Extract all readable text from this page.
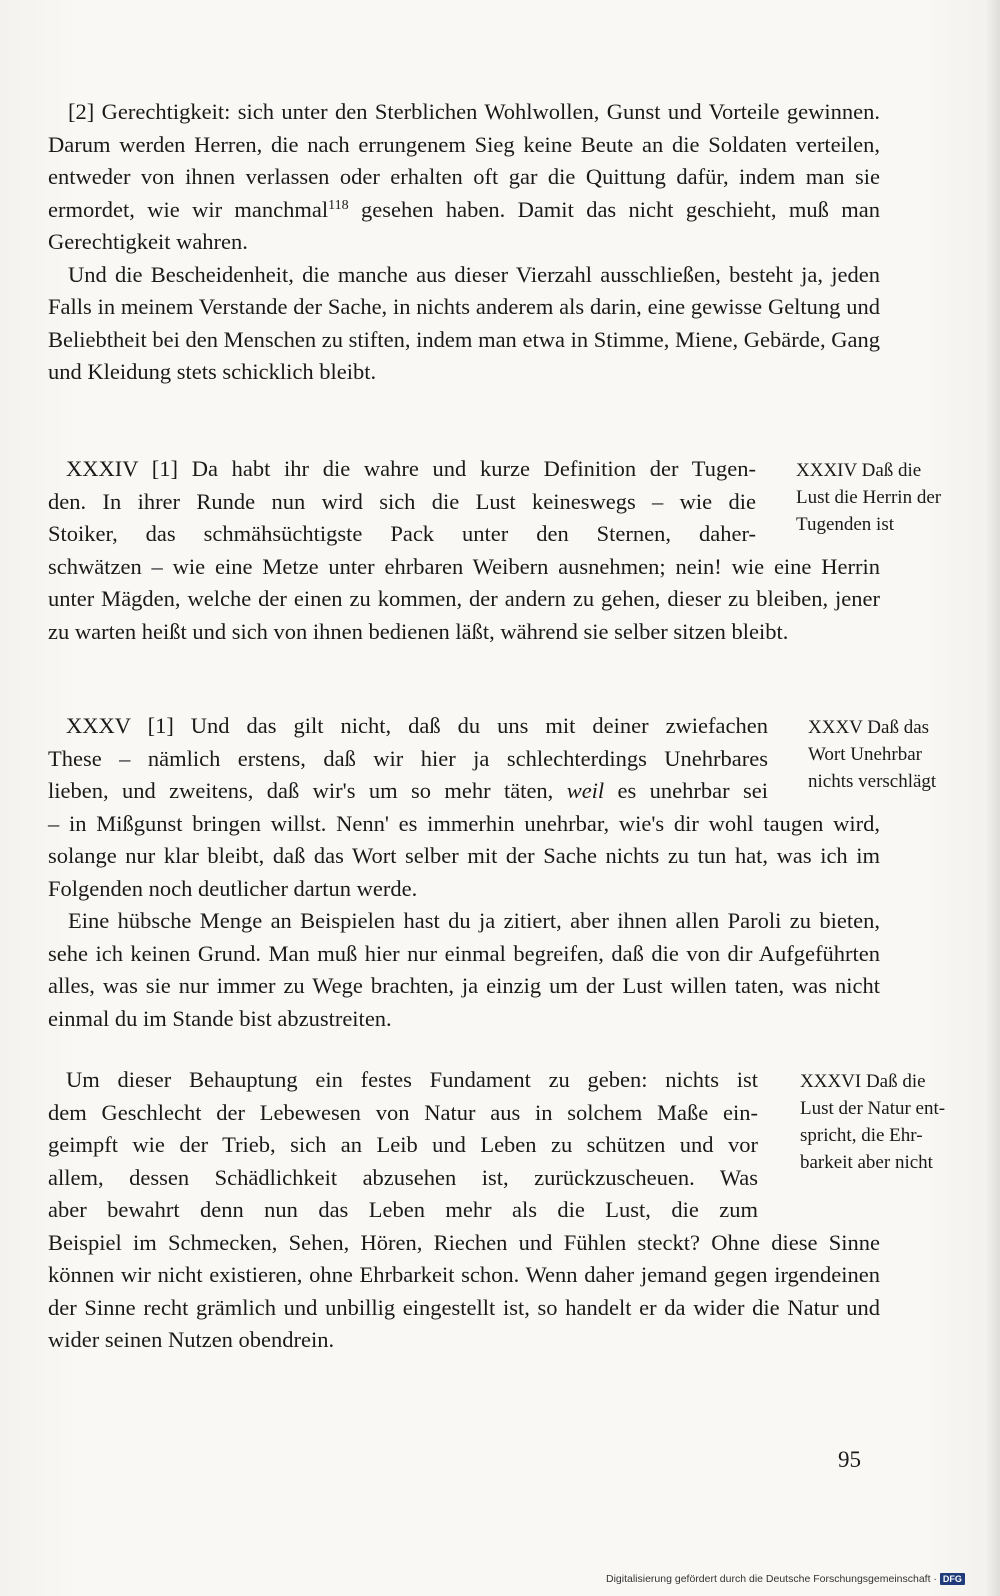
[2] Gerechtigkeit: sich unter den Sterblichen Wohlwollen, Gunst und Vorteile gewinnen. Darum werden Herren, die nach errungenem Sieg keine Beute an die Soldaten verteilen, entweder von ihnen verlassen oder erhalten oft gar die Quittung dafür, indem man sie ermordet, wie wir manchmal$^{118}$ gesehen haben. Damit das nicht geschieht, muß man Gerechtigkeit wahren.

Und die Bescheidenheit, die manche aus dieser Vierzahl ausschließen, besteht ja, jeden Falls in meinem Verstande der Sache, in nichts anderem als darin, eine gewisse Geltung und Beliebtheit bei den Menschen zu stiften, indem man etwa in Stimme, Miene, Gebärde, Gang und Kleidung stets schicklich bleibt.

XXXIV [1] Da habt ihr die wahre und kurze Definition der Tugen-
den. In ihrer Runde nun wird sich die Lust keineswegs – wie die
Stoiker, das schmähsüchtigste Pack unter den Sternen, daher-

schwätzen – wie eine Metze unter ehrbaren Weibern ausnehmen; nein! wie eine Herrin unter Mägden, welche der einen zu kommen, der andern zu gehen, dieser zu bleiben, jener zu warten heißt und sich von ihnen bedienen läßt, während sie selber sitzen bleibt.

XXXV [1] Und das gilt nicht, daß du uns mit deiner zwiefachen
These – nämlich erstens, daß wir hier ja schlechterdings Unehrbares
lieben, und zweitens, daß wir's um so mehr täten, weil es unehrbar sei

– in Mißgunst bringen willst. Nenn' es immerhin unehrbar, wie's dir wohl taugen wird, solange nur klar bleibt, daß das Wort selber mit der Sache nichts zu tun hat, was ich im Folgenden noch deutlicher dartun werde.

Eine hübsche Menge an Beispielen hast du ja zitiert, aber ihnen allen Paroli zu bieten, sehe ich keinen Grund. Man muß hier nur einmal begreifen, daß die von dir Aufgeführten alles, was sie nur immer zu Wege brachten, ja einzig um der Lust willen taten, was nicht einmal du im Stande bist abzustreiten.

Um dieser Behauptung ein festes Fundament zu geben: nichts ist
dem Geschlecht der Lebewesen von Natur aus in solchem Maße ein-
geimpft wie der Trieb, sich an Leib und Leben zu schützen und vor
allem, dessen Schädlichkeit abzusehen ist, zurückzuscheuen. Was
aber bewahrt denn nun das Leben mehr als die Lust, die zum

Beispiel im Schmecken, Sehen, Hören, Riechen und Fühlen steckt? Ohne diese Sinne können wir nicht existieren, ohne Ehrbarkeit schon. Wenn daher jemand gegen irgendeinen der Sinne recht grämlich und unbillig eingestellt ist, so handelt er da wider die Natur und wider seinen Nutzen obendrein.

XXXIV Daß die
Lust die Herrin der
Tugenden ist
XXXV Daß das
Wort Unehrbar
nichts verschlägt
XXXVI Daß die
Lust der Natur ent-
spricht, die Ehr-
barkeit aber nicht
95
Digitalisierung gefördert durch die Deutsche Forschungsgemeinschaft · DFG
